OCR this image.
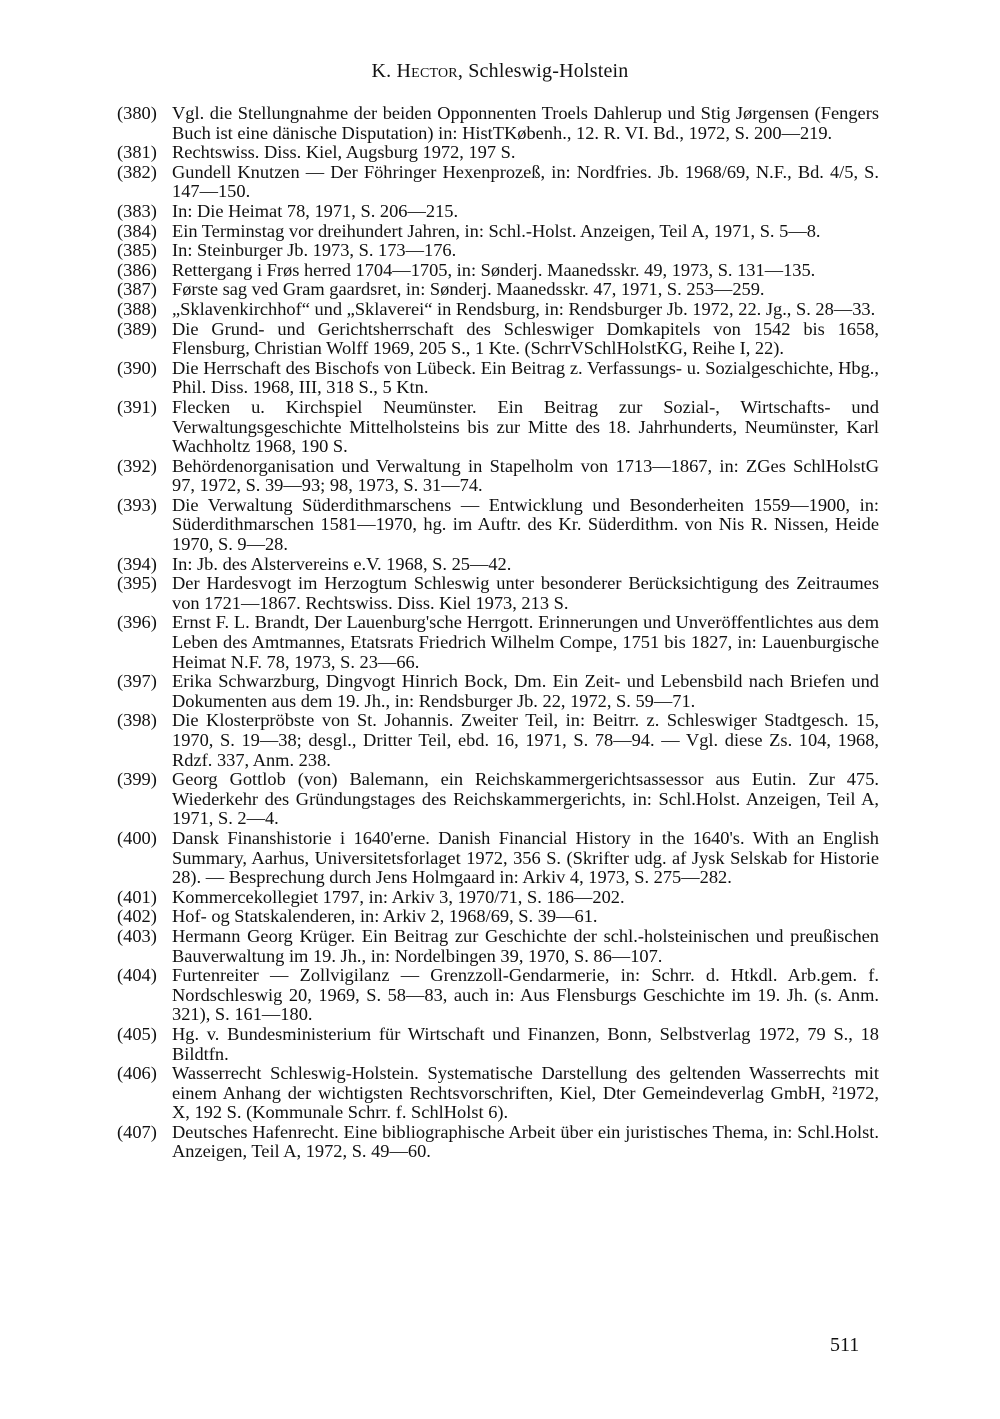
K. Hector, Schleswig-Holstein
(380) Vgl. die Stellungnahme der beiden Opponnenten Troels Dahlerup und Stig Jørgensen (Fengers Buch ist eine dänische Disputation) in: HistTKøbenh., 12. R. VI. Bd., 1972, S. 200—219.
(381) Rechtswiss. Diss. Kiel, Augsburg 1972, 197 S.
(382) Gundell Knutzen — Der Föhringer Hexenprozeß, in: Nordfries. Jb. 1968/69, N.F., Bd. 4/5, S. 147—150.
(383) In: Die Heimat 78, 1971, S. 206—215.
(384) Ein Terminstag vor dreihundert Jahren, in: Schl.-Holst. Anzeigen, Teil A, 1971, S. 5—8.
(385) In: Steinburger Jb. 1973, S. 173—176.
(386) Rettergang i Frøs herred 1704—1705, in: Sønderj. Maanedsskr. 49, 1973, S. 131—135.
(387) Første sag ved Gram gaardsret, in: Sønderj. Maanedsskr. 47, 1971, S. 253—259.
(388) „Sklavenkirchhof“ und „Sklaverei“ in Rendsburg, in: Rendsburger Jb. 1972, 22. Jg., S. 28—33.
(389) Die Grund- und Gerichtsherrschaft des Schleswiger Domkapitels von 1542 bis 1658, Flensburg, Christian Wolff 1969, 205 S., 1 Kte. (SchrrVSchlHolstKG, Reihe I, 22).
(390) Die Herrschaft des Bischofs von Lübeck. Ein Beitrag z. Verfassungs- u. Sozialgeschichte, Hbg., Phil. Diss. 1968, III, 318 S., 5 Ktn.
(391) Flecken u. Kirchspiel Neumünster. Ein Beitrag zur Sozial-, Wirtschafts- und Verwaltungsgeschichte Mittelholsteins bis zur Mitte des 18. Jahrhunderts, Neumünster, Karl Wachholtz 1968, 190 S.
(392) Behördenorganisation und Verwaltung in Stapelholm von 1713—1867, in: ZGes SchlHolstG 97, 1972, S. 39—93; 98, 1973, S. 31—74.
(393) Die Verwaltung Süderdithmarschens — Entwicklung und Besonderheiten 1559—1900, in: Süderdithmarschen 1581—1970, hg. im Auftr. des Kr. Süderdithm. von Nis R. Nissen, Heide 1970, S. 9—28.
(394) In: Jb. des Alstervereins e.V. 1968, S. 25—42.
(395) Der Hardesvogt im Herzogtum Schleswig unter besonderer Berücksichtigung des Zeitraumes von 1721—1867. Rechtswiss. Diss. Kiel 1973, 213 S.
(396) Ernst F. L. Brandt, Der Lauenburg'sche Herrgott. Erinnerungen und Unveröffentlichtes aus dem Leben des Amtmannes, Etatsrats Friedrich Wilhelm Compe, 1751 bis 1827, in: Lauenburgische Heimat N.F. 78, 1973, S. 23—66.
(397) Erika Schwarzburg, Dingvogt Hinrich Bock, Dm. Ein Zeit- und Lebensbild nach Briefen und Dokumenten aus dem 19. Jh., in: Rendsburger Jb. 22, 1972, S. 59—71.
(398) Die Klosterpröbste von St. Johannis. Zweiter Teil, in: Beitrr. z. Schleswiger Stadtgesch. 15, 1970, S. 19—38; desgl., Dritter Teil, ebd. 16, 1971, S. 78—94. — Vgl. diese Zs. 104, 1968, Rdzf. 337, Anm. 238.
(399) Georg Gottlob (von) Balemann, ein Reichskammergerichtsassessor aus Eutin. Zur 475. Wiederkehr des Gründungstages des Reichskammergerichts, in: Schl.Holst. Anzeigen, Teil A, 1971, S. 2—4.
(400) Dansk Finanshistorie i 1640'erne. Danish Financial History in the 1640's. With an English Summary, Aarhus, Universitetsforlaget 1972, 356 S. (Skrifter udg. af Jysk Selskab for Historie 28). — Besprechung durch Jens Holmgaard in: Arkiv 4, 1973, S. 275—282.
(401) Kommercekollegiet 1797, in: Arkiv 3, 1970/71, S. 186—202.
(402) Hof- og Statskalenderen, in: Arkiv 2, 1968/69, S. 39—61.
(403) Hermann Georg Krüger. Ein Beitrag zur Geschichte der schl.-holsteinischen und preußischen Bauverwaltung im 19. Jh., in: Nordelbingen 39, 1970, S. 86—107.
(404) Furtenreiter — Zollvigilanz — Grenzzoll-Gendarmerie, in: Schrr. d. Htkdl. Arb.gem. f. Nordschleswig 20, 1969, S. 58—83, auch in: Aus Flensburgs Geschichte im 19. Jh. (s. Anm. 321), S. 161—180.
(405) Hg. v. Bundesministerium für Wirtschaft und Finanzen, Bonn, Selbstverlag 1972, 79 S., 18 Bildtfn.
(406) Wasserrecht Schleswig-Holstein. Systematische Darstellung des geltenden Wasserrechts mit einem Anhang der wichtigsten Rechtsvorschriften, Kiel, Dter Gemeindeverlag GmbH, ²1972, X, 192 S. (Kommunale Schrr. f. SchlHolst 6).
(407) Deutsches Hafenrecht. Eine bibliographische Arbeit über ein juristisches Thema, in: Schl.Holst. Anzeigen, Teil A, 1972, S. 49—60.
511
